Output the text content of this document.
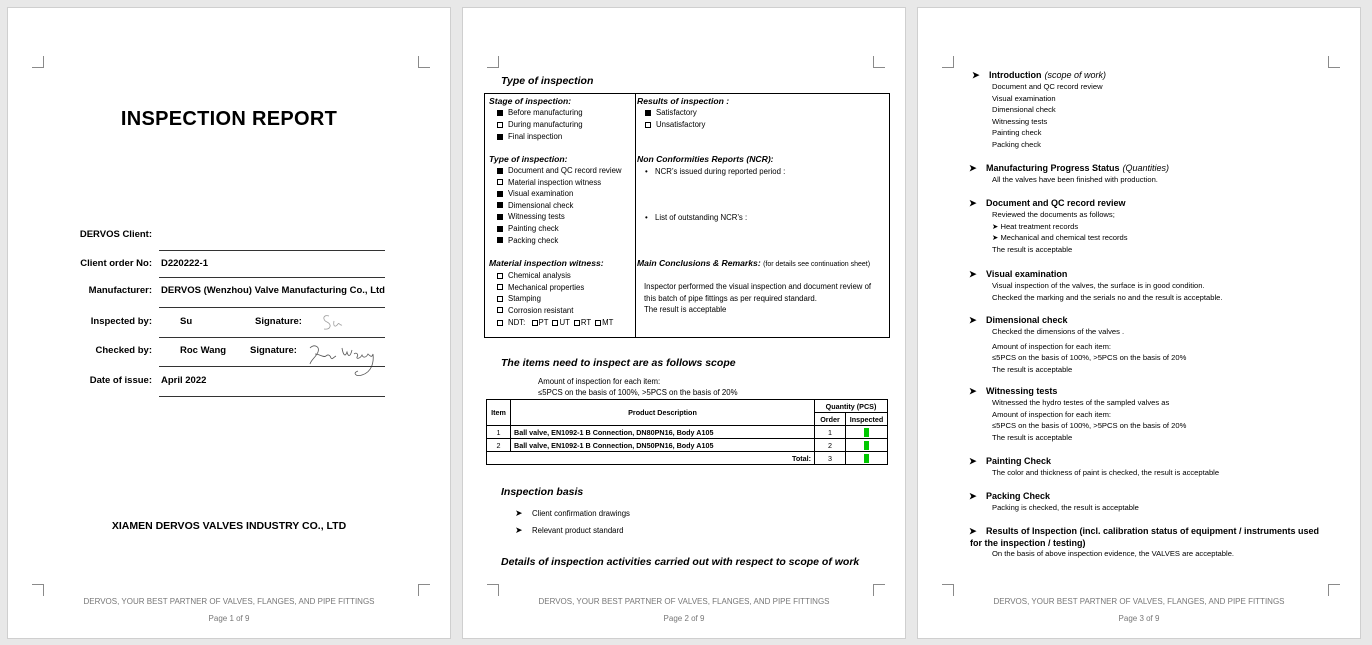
INSPECTION REPORT
DERVOS Client:
Client order No: D220222-1
Manufacturer: DERVOS (Wenzhou) Valve Manufacturing Co., Ltd
Inspected by:	Su	Signature:
Checked by:	Roc Wang	Signature:
Date of issue: April 2022
XIAMEN DERVOS VALVES INDUSTRY CO., LTD
DERVOS, YOUR BEST PARTNER OF VALVES, FLANGES, AND PIPE FITTINGS
Page 1 of 9
Type of inspection
Stage of inspection:
Before manufacturing
During manufacturing
Final inspection
Type of inspection:
Document and QC record review
Material inspection witness
Visual examination
Dimensional check
Witnessing tests
Painting check
Packing check
Material inspection witness:
Chemical analysis
Mechanical properties
Stamping
Corrosion resistant
NDT: PT UT RT MT
Results of inspection :
Satisfactory
Unsatisfactory
Non Conformities Reports (NCR):
• NCR’s issued during reported period :
• List of outstanding NCR’s :
Main Conclusions & Remarks: (for details see continuation sheet)
Inspector performed the visual inspection and document review of
this batch of pipe fittings as per required standard.
The result is acceptable
The items need to inspect are as follows scope
Amount of inspection for each item:
≤5PCS on the basis of 100%, >5PCS on the basis of 20%
Item	Product Description	Quantity (PCS)	
		Order	Inspected
1	Ball valve, EN1092-1 B Connection, DN80PN16, Body A105	1	
2	Ball valve, EN1092-1 B Connection, DN50PN16, Body A105	2	
Total:		3	
Inspection basis
➤ Client confirmation drawings
➤ Relevant product standard
Details of inspection activities carried out with respect to scope of work
DERVOS, YOUR BEST PARTNER OF VALVES, FLANGES, AND PIPE FITTINGS
Page 2 of 9
➤ Introduction (scope of work)
Document and QC record review
Visual examination
Dimensional check
Witnessing tests
Painting check
Packing check
➤ Manufacturing Progress Status (Quantities)
All the valves have been finished with production.
➤ Document and QC record review
Reviewed the documents as follows;
➤ Heat treatment records
➤ Mechanical and chemical test records
The result is acceptable
➤ Visual examination
Visual inspection of the valves, the surface is in good condition.
Checked the marking and the serials no and the result is acceptable.
➤ Dimensional check
Checked the dimensions of the valves .
Amount of inspection for each item:
≤5PCS on the basis of 100%, >5PCS on the basis of 20%
The result is acceptable
➤ Witnessing tests
Witnessed the hydro testes of the sampled valves as
Amount of inspection for each item:
≤5PCS on the basis of 100%, >5PCS on the basis of 20%
The result is acceptable
➤ Painting Check
The color and thickness of paint is checked, the result is acceptable
➤ Packing Check
Packing is checked, the result is acceptable
➤ Results of Inspection (incl. calibration status of equipment / instruments used
for the inspection / testing)
On the basis of above inspection evidence, the VALVES are acceptable.
DERVOS, YOUR BEST PARTNER OF VALVES, FLANGES, AND PIPE FITTINGS
Page 3 of 9
